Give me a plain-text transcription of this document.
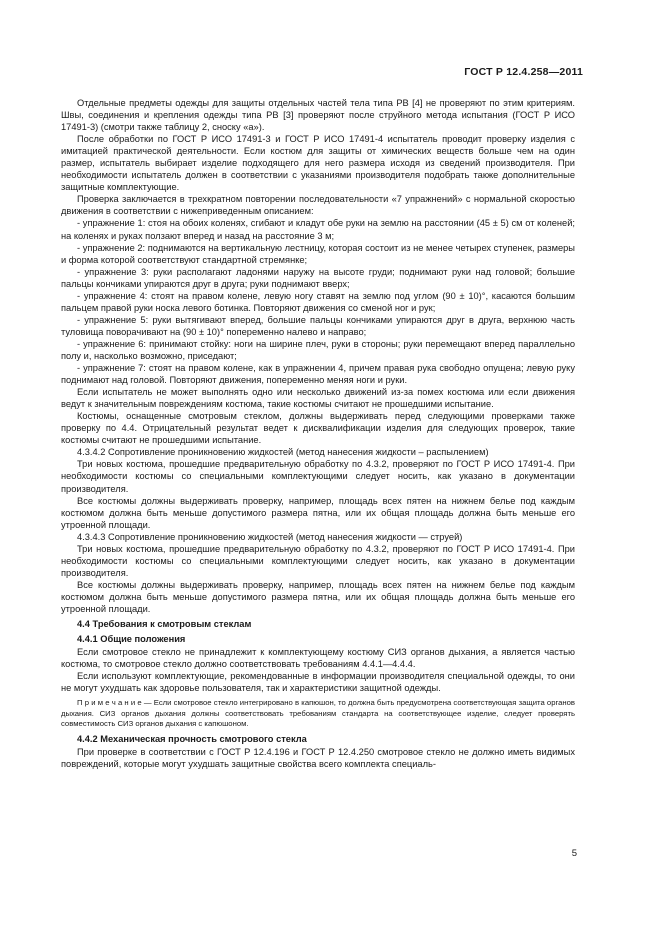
ГОСТ Р 12.4.258—2011

Отдельные предметы одежды для защиты отдельных частей тела типа PB [4] не проверяют по этим критериям. Швы, соединения и крепления одежды типа PB [3] проверяют после струйного метода испытания (ГОСТ Р ИСО 17491-3) (смотри также таблицу 2, сноску «а»).

После обработки по ГОСТ Р ИСО 17491-3 и ГОСТ Р ИСО 17491-4 испытатель проводит проверку изделия с имитацией практической деятельности. Если костюм для защиты от химических веществ больше чем на один размер, испытатель выбирает изделие подходящего для него размера исходя из сведений производителя. При необходимости испытатель должен в соответствии с указаниями производителя подобрать также дополнительные защитные комплектующие.

Проверка заключается в трехкратном повторении последовательности «7 упражнений» с нормальной скоростью движения в соответствии с нижеприведенным описанием:

- упражнение 1: стоя на обоих коленях, сгибают и кладут обе руки на землю на расстоянии (45 ± 5) см от коленей; на коленях и руках ползают вперед и назад на расстояние 3 м;

- упражнение 2: поднимаются на вертикальную лестницу, которая состоит из не менее четырех ступенек, размеры и форма которой соответствуют стандартной стремянке;

- упражнение 3: руки располагают ладонями наружу на высоте груди; поднимают руки над головой; большие пальцы кончиками упираются друг в друга; руки поднимают вверх;

- упражнение 4: стоят на правом колене, левую ногу ставят на землю под углом (90 ± 10)°, касаются большим пальцем правой руки носка левого ботинка. Повторяют движения со сменой ног и рук;

- упражнение 5: руки вытягивают вперед, большие пальцы кончиками упираются друг в друга, верхнюю часть туловища поворачивают на (90 ± 10)° попеременно налево и направо;

- упражнение 6: принимают стойку: ноги на ширине плеч, руки в стороны; руки перемещают вперед параллельно полу и, насколько возможно, приседают;

- упражнение 7: стоят на правом колене, как в упражнении 4, причем правая рука свободно опущена; левую руку поднимают над головой. Повторяют движения, попеременно меняя ноги и руки.

Если испытатель не может выполнять одно или несколько движений из-за помех костюма или если движения ведут к значительным повреждениям костюма, такие костюмы считают не прошедшими испытание.

Костюмы, оснащенные смотровым стеклом, должны выдерживать перед следующими проверками также проверку по 4.4. Отрицательный результат ведет к дисквалификации изделия для следующих проверок, такие костюмы считают не прошедшими испытание.

4.3.4.2 Сопротивление проникновению жидкостей (метод нанесения жидкости – распылением)

Три новых костюма, прошедшие предварительную обработку по 4.3.2, проверяют по ГОСТ Р ИСО 17491-4. При необходимости костюмы со специальными комплектующими следует носить, как указано в документации производителя.

Все костюмы должны выдерживать проверку, например, площадь всех пятен на нижнем белье под каждым костюмом должна быть меньше допустимого размера пятна, или их общая площадь должна быть меньше его утроенной площади.

4.3.4.3 Сопротивление проникновению жидкостей (метод нанесения жидкости — струей)

Три новых костюма, прошедшие предварительную обработку по 4.3.2, проверяют по ГОСТ Р ИСО 17491-4. При необходимости костюмы со специальными комплектующими следует носить, как указано в документации производителя.

Все костюмы должны выдерживать проверку, например, площадь всех пятен на нижнем белье под каждым костюмом должна быть меньше допустимого размера пятна, или их общая площадь должна быть меньше его утроенной площади.

4.4 Требования к смотровым стеклам

4.4.1 Общие положения

Если смотровое стекло не принадлежит к комплектующему костюму СИЗ органов дыхания, а является частью костюма, то смотровое стекло должно соответствовать требованиям 4.4.1—4.4.4.

Если используют комплектующие, рекомендованные в информации производителя специальной одежды, то они не могут ухудшать как здоровье пользователя, так и характеристики защитной одежды.

П р и м е ч а н и е — Если смотровое стекло интегрировано в капюшон, то должна быть предусмотрена соответствующая защита органов дыхания. СИЗ органов дыхания должны соответствовать требованиям стандарта на соответствующее изделие, следует проверять совместимость СИЗ органов дыхания с капюшоном.

4.4.2 Механическая прочность смотрового стекла

При проверке в соответствии с ГОСТ Р 12.4.196 и ГОСТ Р 12.4.250 смотровое стекло не должно иметь видимых повреждений, которые могут ухудшать защитные свойства всего комплекта специаль-

5
